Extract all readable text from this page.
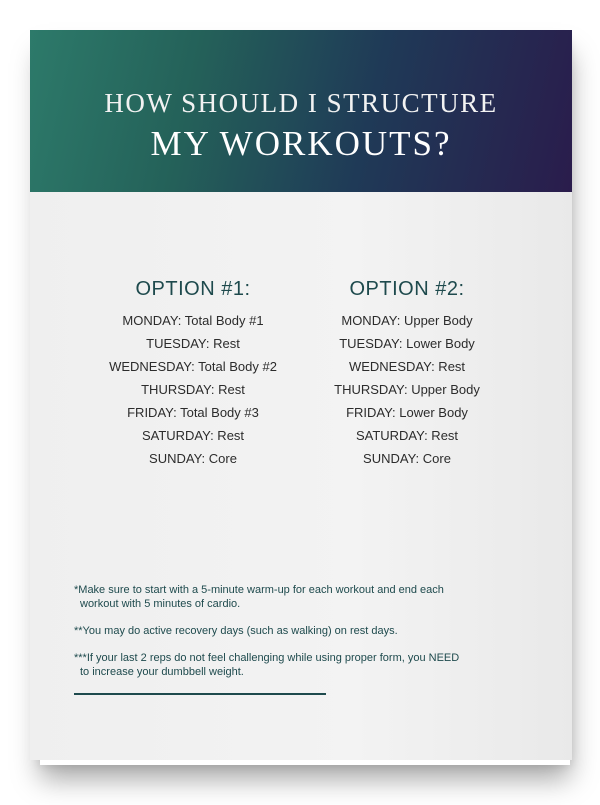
HOW SHOULD I STRUCTURE
MY WORKOUTS?
OPTION #1:
MONDAY: Total Body #1
TUESDAY: Rest
WEDNESDAY: Total Body #2
THURSDAY: Rest
FRIDAY: Total Body #3
SATURDAY: Rest
SUNDAY: Core
OPTION #2:
MONDAY: Upper Body
TUESDAY: Lower Body
WEDNESDAY: Rest
THURSDAY: Upper Body
FRIDAY: Lower Body
SATURDAY: Rest
SUNDAY: Core
*Make sure to start with a 5-minute warm-up for each workout and end each
workout with 5 minutes of cardio.
**You may do active recovery days (such as walking) on rest days.
***If your last 2 reps do not feel challenging while using proper form, you NEED
to increase your dumbbell weight.
